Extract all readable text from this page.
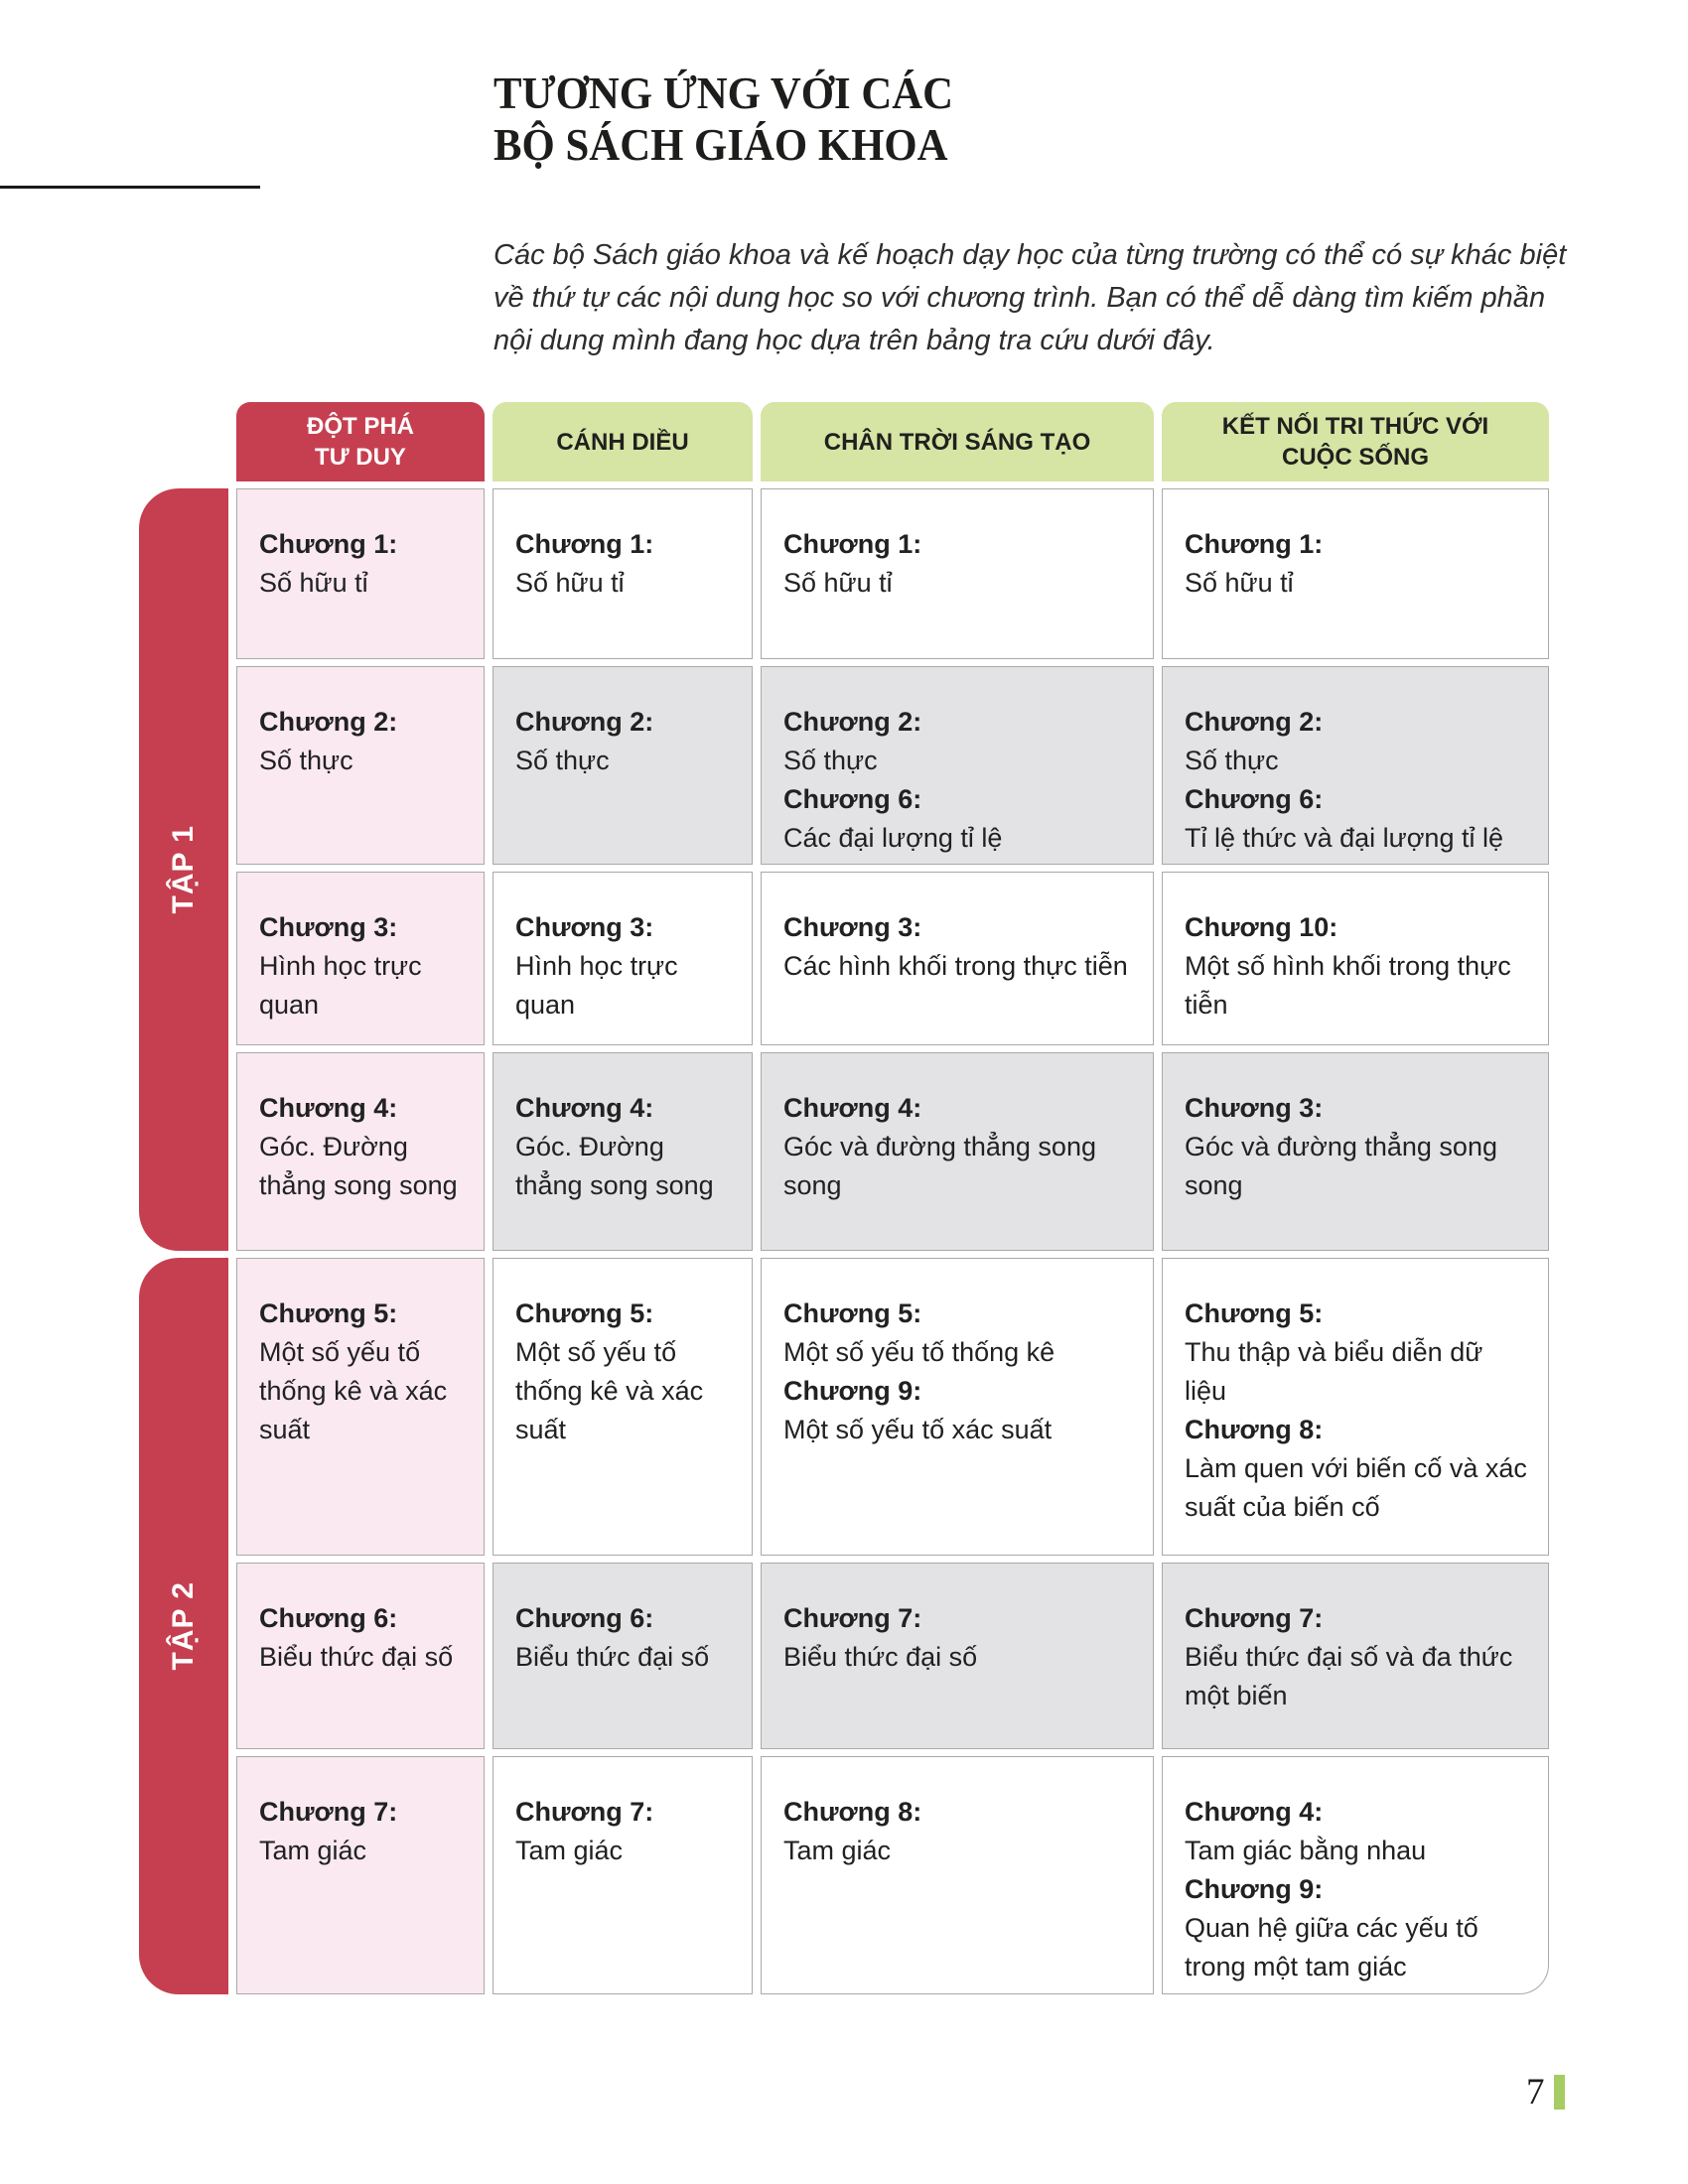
TƯƠNG ỨNG VỚI CÁC
BỘ SÁCH GIÁO KHOA

Các bộ Sách giáo khoa và kế hoạch dạy học của từng trường có thể có sự khác biệt về thứ tự các nội dung học so với chương trình. Bạn có thể dễ dàng tìm kiếm phần nội dung mình đang học dựa trên bảng tra cứu dưới đây.

TẬP 1
TẬP 2
ĐỘT PHÁ TƯ DUY
CÁNH DIỀU	CHÂN TRỜI SÁNG TẠO
KẾT NỐI TRI THỨC VỚI CUỘC SỐNG
Chương 1:
Số hữu tỉ
Chương 1:
Số hữu tỉ
Chương 1:
Số hữu tỉ
Chương 1:
Số hữu tỉ
Chương 2:
Số thực
Chương 2:
Số thực
Chương 2:
Số thực
Chương 6:
Các đại lượng tỉ lệ
Chương 2:
Số thực
Chương 6:
Tỉ lệ thức và đại lượng tỉ lệ
Chương 3:
Hình học trực quan
Chương 3:
Hình học trực quan
Chương 3:
Các hình khối trong thực tiễn
Chương 10:
Một số hình khối trong thực tiễn
Chương 4:
Góc. Đường thẳng song song
Chương 4:
Góc. Đường thẳng song song
Chương 4:
Góc và đường thẳng song song
Chương 3:
Góc và đường thẳng song song
Chương 5:
Một số yếu tố thống kê và xác suất
Chương 5:
Một số yếu tố thống kê và xác suất
Chương 5:
Một số yếu tố thống kê
Chương 9:
Một số yếu tố xác suất
Chương 5:
Thu thập và biểu diễn dữ liệu
Chương 8:
Làm quen với biến cố và xác suất của biến cố
Chương 6:
Biểu thức đại số
Chương 6:
Biểu thức đại số
Chương 7:
Biểu thức đại số
Chương 7:
Biểu thức đại số và đa thức một biến
Chương 7:
Tam giác
Chương 7:
Tam giác
Chương 8:
Tam giác
Chương 4:
Tam giác bằng nhau
Chương 9:
Quan hệ giữa các yếu tố trong một tam giác
7
